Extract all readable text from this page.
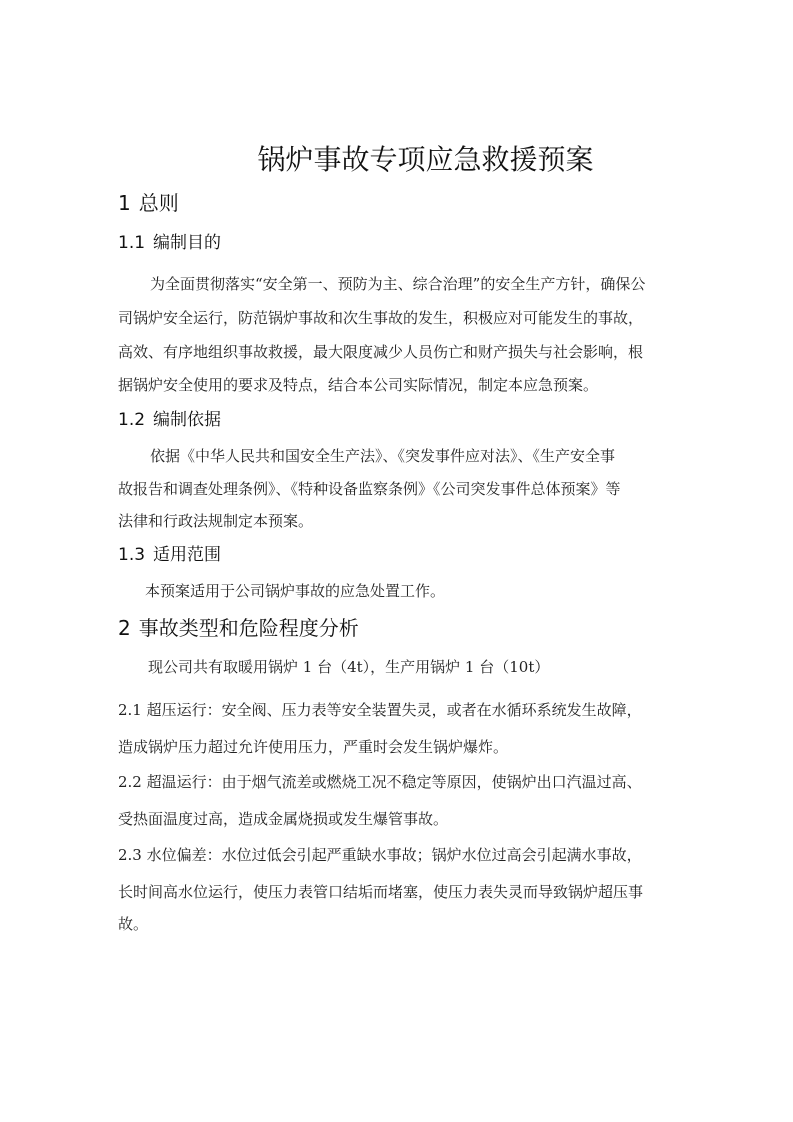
锅炉事故专项应急救援预案
1 总则
1.1 编制目的
为全面贯彻落实“安全第一、预防为主、综合治理”的安全生产方针，确保公
司锅炉安全运行，防范锅炉事故和次生事故的发生，积极应对可能发生的事故，
高效、有序地组织事故救援，最大限度减少人员伤亡和财产损失与社会影响，根
据锅炉安全使用的要求及特点，结合本公司实际情况，制定本应急预案。
1.2 编制依据
依据《中华人民共和国安全生产法》、《突发事件应对法》、《生产安全事
故报告和调查处理条例》、《特种设备监察条例》《公司突发事件总体预案》等
法律和行政法规制定本预案。
1.3 适用范围
本预案适用于公司锅炉事故的应急处置工作。
2 事故类型和危险程度分析
现公司共有取暖用锅炉 1 台（4t），生产用锅炉 1 台（10t）
2.1 超压运行：安全阀、压力表等安全装置失灵，或者在水循环系统发生故障，
造成锅炉压力超过允许使用压力，严重时会发生锅炉爆炸。
2.2 超温运行：由于烟气流差或燃烧工况不稳定等原因，使锅炉出口汽温过高、
受热面温度过高，造成金属烧损或发生爆管事故。
2.3 水位偏差：水位过低会引起严重缺水事故；锅炉水位过高会引起满水事故，
长时间高水位运行，使压力表管口结垢而堵塞，使压力表失灵而导致锅炉超压事
故。
